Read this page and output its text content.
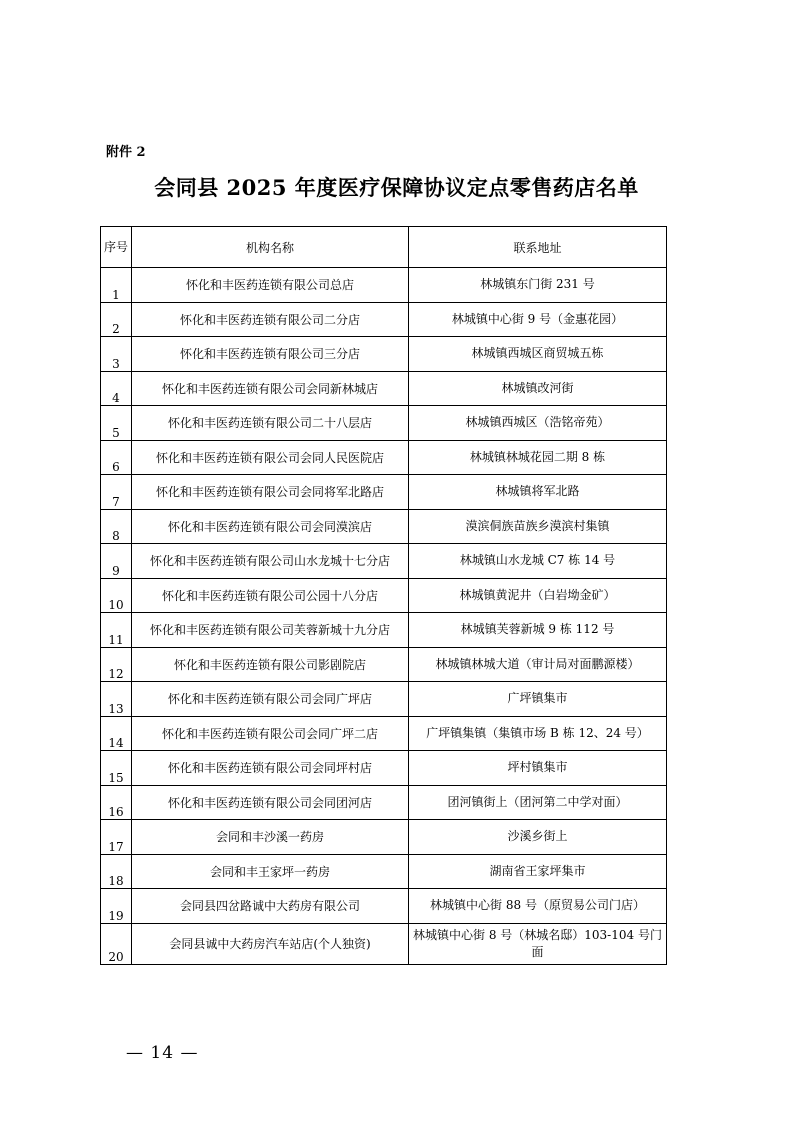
附件 2
会同县 2025 年度医疗保障协议定点零售药店名单
序号	机构名称	联系地址
1	怀化和丰医药连锁有限公司总店	林城镇东门街 231 号
2	怀化和丰医药连锁有限公司二分店	林城镇中心街 9 号（金惠花园）
3	怀化和丰医药连锁有限公司三分店	林城镇西城区商贸城五栋
4	怀化和丰医药连锁有限公司会同新林城店	林城镇改河街
5	怀化和丰医药连锁有限公司二十八层店	林城镇西城区（浩铭帝苑）
6	怀化和丰医药连锁有限公司会同人民医院店	林城镇林城花园二期 8 栋
7	怀化和丰医药连锁有限公司会同将军北路店	林城镇将军北路
8	怀化和丰医药连锁有限公司会同漠滨店	漠滨侗族苗族乡漠滨村集镇
9	怀化和丰医药连锁有限公司山水龙城十七分店	林城镇山水龙城 C7 栋 14 号
10	怀化和丰医药连锁有限公司公园十八分店	林城镇黄泥井（白岩坳金矿）
11	怀化和丰医药连锁有限公司芙蓉新城十九分店	林城镇芙蓉新城 9 栋 112 号
12	怀化和丰医药连锁有限公司影剧院店	林城镇林城大道（审计局对面鹏源楼）
13	怀化和丰医药连锁有限公司会同广坪店	广坪镇集市
14	怀化和丰医药连锁有限公司会同广坪二店	广坪镇集镇（集镇市场 B 栋 12、24 号）
15	怀化和丰医药连锁有限公司会同坪村店	坪村镇集市
16	怀化和丰医药连锁有限公司会同团河店	团河镇街上（团河第二中学对面）
17	会同和丰沙溪一药房	沙溪乡街上
18	会同和丰王家坪一药房	湖南省王家坪集市
19	会同县四岔路诚中大药房有限公司	林城镇中心街 88 号（原贸易公司门店）
20	会同县诚中大药房汽车站店(个人独资)	林城镇中心街 8 号（林城名邸）103-104 号门面
— 14 —
